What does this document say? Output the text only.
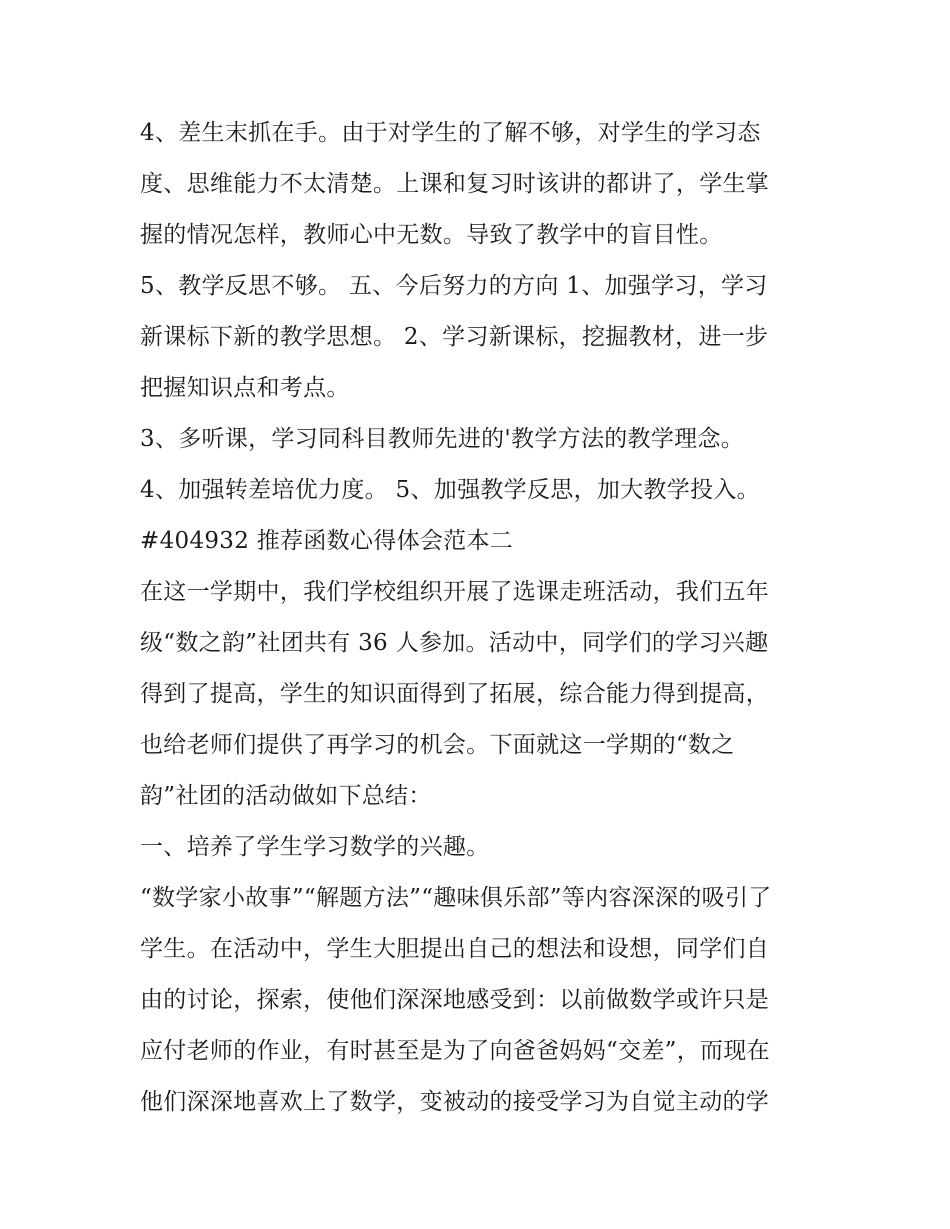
4、差生末抓在手。由于对学生的了解不够，对学生的学习态
度、思维能力不太清楚。上课和复习时该讲的都讲了，学生掌
握的情况怎样，教师心中无数。导致了教学中的盲目性。
5、教学反思不够。 五、今后努力的方向 1、加强学习，学习
新课标下新的教学思想。 2、学习新课标，挖掘教材，进一步
把握知识点和考点。
3、多听课，学习同科目教师先进的'教学方法的教学理念。
4、加强转差培优力度。 5、加强教学反思，加大教学投入。
#404932 推荐函数心得体会范本二
在这一学期中，我们学校组织开展了选课走班活动，我们五年
级“数之韵”社团共有 36 人参加。活动中，同学们的学习兴趣
得到了提高，学生的知识面得到了拓展，综合能力得到提高，
也给老师们提供了再学习的机会。下面就这一学期的“数之
韵”社团的活动做如下总结：
一、培养了学生学习数学的兴趣。
“数学家小故事”“解题方法”“趣味俱乐部”等内容深深的吸引了
学生。在活动中，学生大胆提出自己的想法和设想，同学们自
由的讨论，探索，使他们深深地感受到：以前做数学或许只是
应付老师的作业，有时甚至是为了向爸爸妈妈“交差”，而现在
他们深深地喜欢上了数学，变被动的接受学习为自觉主动的学
